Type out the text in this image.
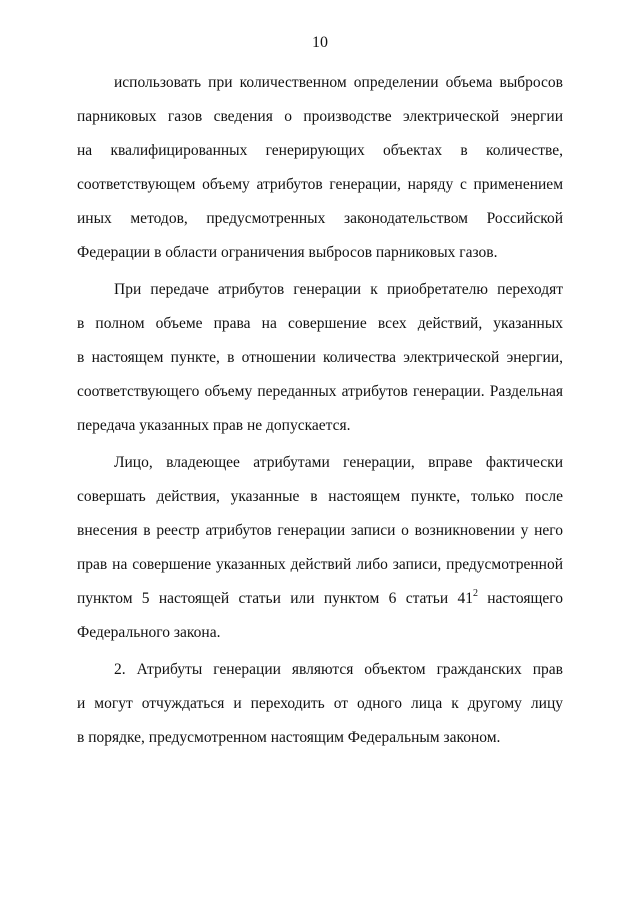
10
использовать при количественном определении объема выбросов
парниковых газов сведения о производстве электрической энергии
на квалифицированных генерирующих объектах в количестве,
соответствующем объему атрибутов генерации, наряду с применением
иных методов, предусмотренных законодательством Российской
Федерации в области ограничения выбросов парниковых газов.
При передаче атрибутов генерации к приобретателю переходят
в полном объеме права на совершение всех действий, указанных
в настоящем пункте, в отношении количества электрической энергии,
соответствующего объему переданных атрибутов генерации. Раздельная
передача указанных прав не допускается.
Лицо, владеющее атрибутами генерации, вправе фактически
совершать действия, указанные в настоящем пункте, только после
внесения в реестр атрибутов генерации записи о возникновении у него
прав на совершение указанных действий либо записи, предусмотренной
пунктом 5 настоящей статьи или пунктом 6 статьи $41^2$ настоящего
Федерального закона.
2. Атрибуты генерации являются объектом гражданских прав
и могут отчуждаться и переходить от одного лица к другому лицу
в порядке, предусмотренном настоящим Федеральным законом.
